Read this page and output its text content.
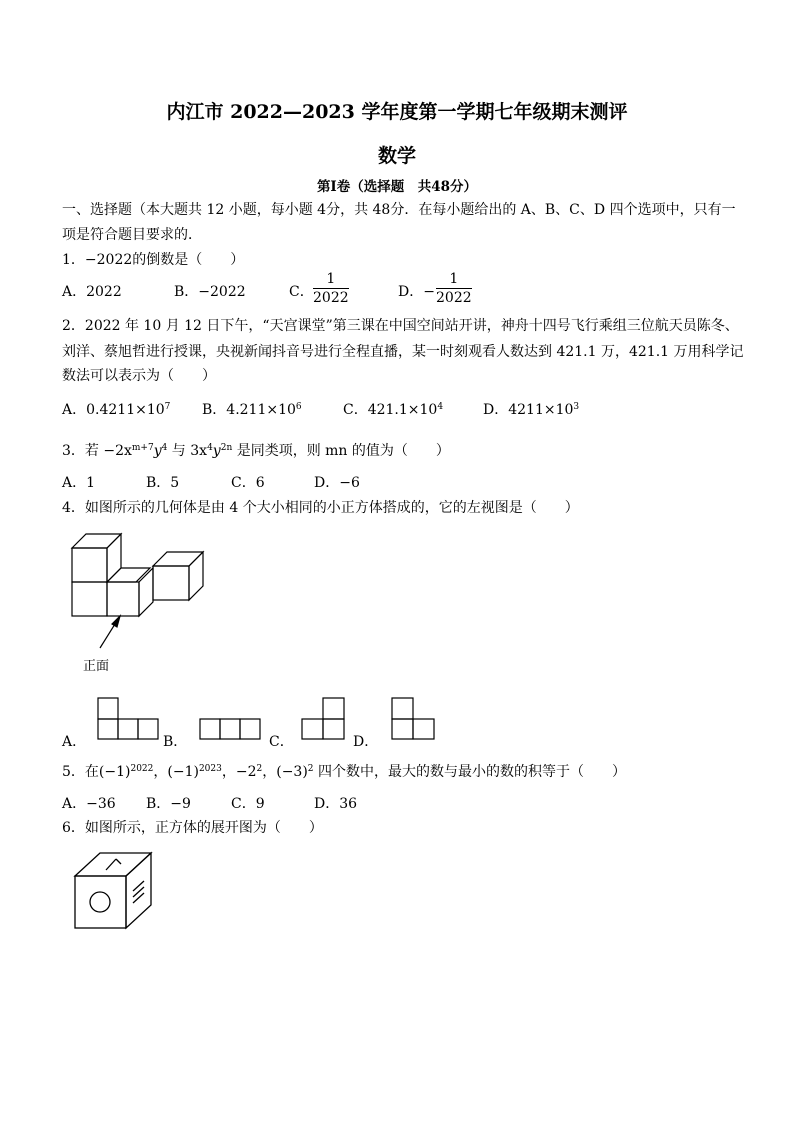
内江市 2022—2023 学年度第一学期七年级期末测评
数学
第Ⅰ卷（选择题　共48分）
一、选择题（本大题共 12 小题，每小题 4分，共 48分．在每小题给出的 A、B、C、D 四个选项中，只有一
项是符合题目要求的．
1．−2022的倒数是（　　）
A．2022	B．−2022	C． $\frac{1}{2022}$	D．− $\frac{1}{2022}$
2．2022 年 10 月 12 日下午，“天宫课堂”第三课在中国空间站开讲，神舟十四号飞行乘组三位航天员陈冬、
刘洋、蔡旭哲进行授课，央视新闻抖音号进行全程直播，某一时刻观看人数达到 421.1 万，421.1 万用科学记
数法可以表示为（　　）
A．$0.4211\times 10^7$ B．$4.211\times 10^6$	C．$421.1\times 10^4$	D．$4211\times 10^3$
3．若 $-2x^{m+7}y^4$ 与 $3x^4y^{2n}$ 是同类项，则 mn 的值为（　　）
A．1	B．5	C．6	D．−6
4．如图所示的几何体是由 4 个大小相同的小正方体搭成的，它的左视图是（　　）
正面
A．	B．	C．	D．
5．在$(-1)^{2022}$，$(-1)^{2023}$，$-2^2$，$(-3)^2$ 四个数中，最大的数与最小的数的积等于（　　）
A．−36 B．−9	C．9	D．36
6．如图所示，正方体的展开图为（　　）
